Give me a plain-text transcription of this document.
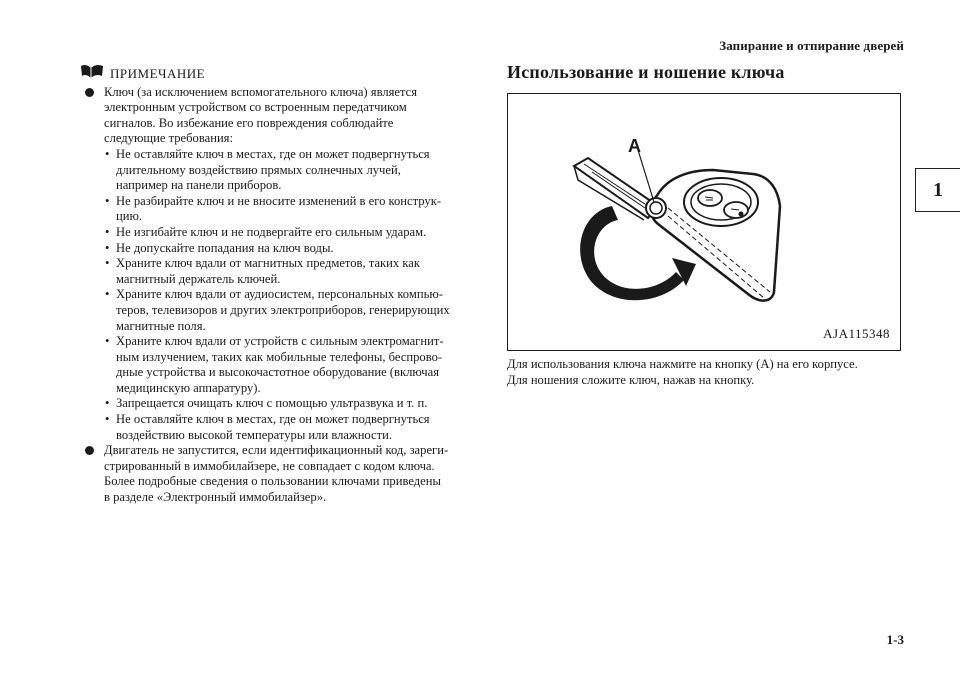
Запирание и отпирание дверей
1
1-3
ПРИМЕЧАНИЕ
Ключ (за исключением вспомогательного ключа) является
электронным устройством со встроенным передатчиком
сигналов. Во избежание его повреждения соблюдайте
следующие требования:
• Не оставляйте ключ в местах, где он может подвергнуться
длительному воздействию прямых солнечных лучей,
например на панели приборов.
• Не разбирайте ключ и не вносите изменений в его конструк-
цию.
• Не изгибайте ключ и не подвергайте его сильным ударам.
• Не допускайте попадания на ключ воды.
• Храните ключ вдали от магнитных предметов, таких как
магнитный держатель ключей.
• Храните ключ вдали от аудиосистем, персональных компью-
теров, телевизоров и других электроприборов, генерирующих
магнитные поля.
• Храните ключ вдали от устройств с сильным электромагнит-
ным излучением, таких как мобильные телефоны, беспрово-
дные устройства и высокочастотное оборудование (включая
медицинскую аппаратуру).
• Запрещается очищать ключ с помощью ультразвука и т. п.
• Не оставляйте ключ в местах, где он может подвергнуться
воздействию высокой температуры или влажности.
Двигатель не запустится, если идентификационный код, зареги-
стрированный в иммобилайзере, не совпадает с кодом ключа.
Более подробные сведения о пользовании ключами приведены
в разделе «Электронный иммобилайзер».
Использование и ношение ключа
A
AJA115348
Для использования ключа нажмите на кнопку (A) на его корпусе.
Для ношения сложите ключ, нажав на кнопку.
